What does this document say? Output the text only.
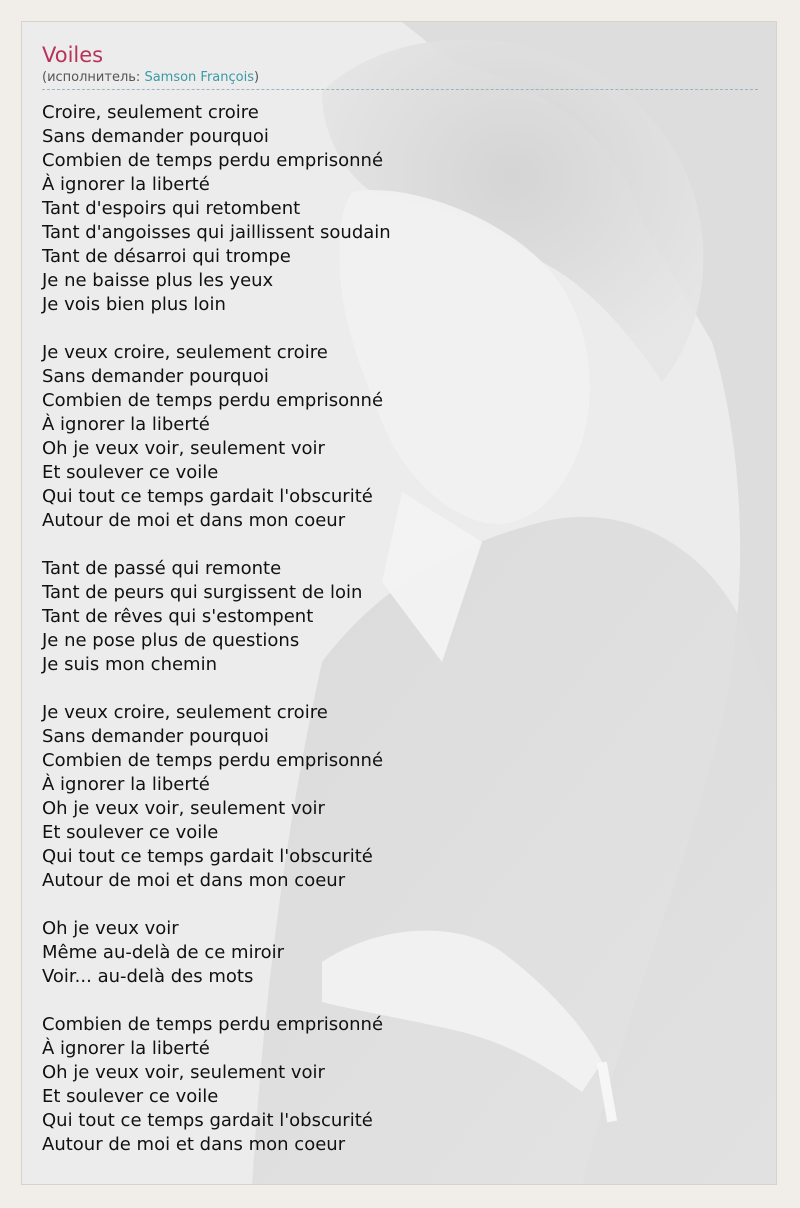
Voiles
(исполнитель: Samson François)
Croire, seulement croire
Sans demander pourquoi
Combien de temps perdu emprisonné
À ignorer la liberté
Tant d'espoirs qui retombent
Tant d'angoisses qui jaillissent soudain
Tant de désarroi qui trompe
Je ne baisse plus les yeux
Je vois bien plus loin
Je veux croire, seulement croire
Sans demander pourquoi
Combien de temps perdu emprisonné
À ignorer la liberté
Oh je veux voir, seulement voir
Et soulever ce voile
Qui tout ce temps gardait l'obscurité
Autour de moi et dans mon coeur
Tant de passé qui remonte
Tant de peurs qui surgissent de loin
Tant de rêves qui s'estompent
Je ne pose plus de questions
Je suis mon chemin
Je veux croire, seulement croire
Sans demander pourquoi
Combien de temps perdu emprisonné
À ignorer la liberté
Oh je veux voir, seulement voir
Et soulever ce voile
Qui tout ce temps gardait l'obscurité
Autour de moi et dans mon coeur
Oh je veux voir
Même au-delà de ce miroir
Voir... au-delà des mots
Combien de temps perdu emprisonné
À ignorer la liberté
Oh je veux voir, seulement voir
Et soulever ce voile
Qui tout ce temps gardait l'obscurité
Autour de moi et dans mon coeur
